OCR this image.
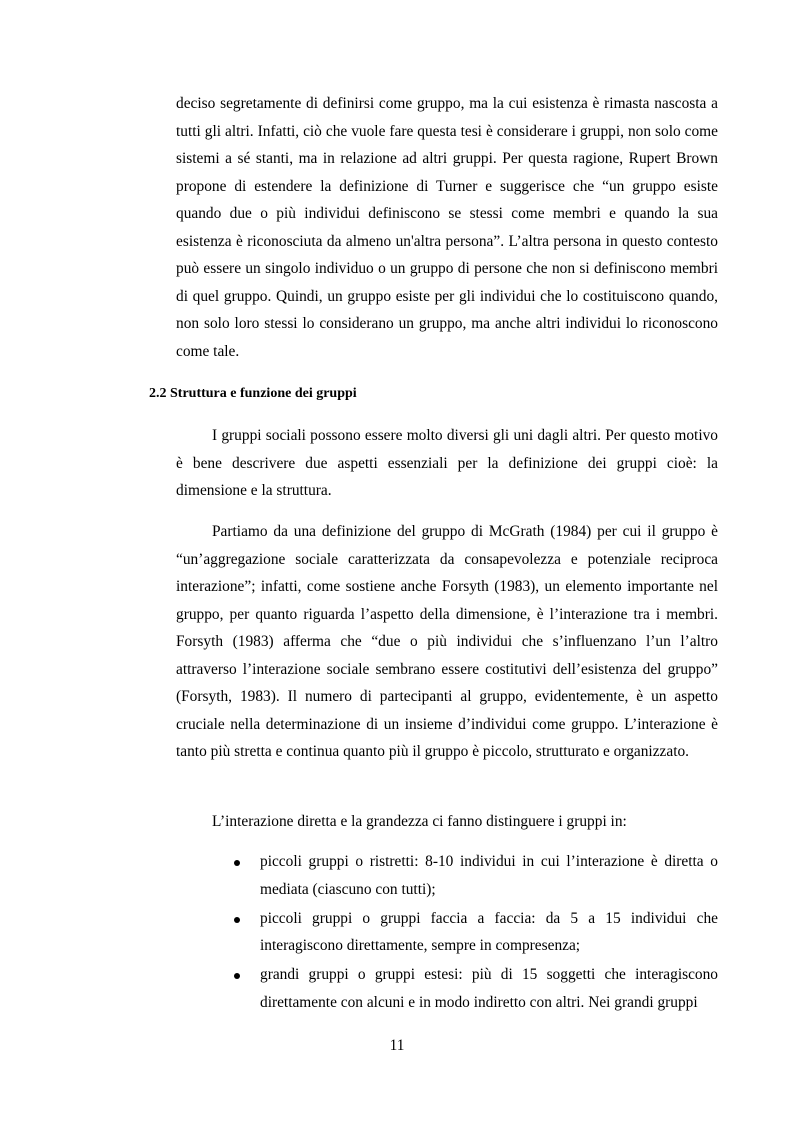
deciso segretamente di definirsi come gruppo, ma la cui esistenza è rimasta nascosta a tutti gli altri. Infatti, ciò che vuole fare questa tesi è considerare i gruppi, non solo come sistemi a sé stanti, ma in relazione ad altri gruppi. Per questa ragione, Rupert Brown propone di estendere la definizione di Turner e suggerisce che “un gruppo esiste quando due o più individui definiscono se stessi come membri e quando la sua esistenza è riconosciuta da almeno un'altra persona”. L’altra persona in questo contesto può essere un singolo individuo o un gruppo di persone che non si definiscono membri di quel gruppo. Quindi, un gruppo esiste per gli individui che lo costituiscono quando, non solo loro stessi lo considerano un gruppo, ma anche altri individui lo riconoscono come tale.

2.2 Struttura e funzione dei gruppi

I gruppi sociali possono essere molto diversi gli uni dagli altri. Per questo motivo è bene descrivere due aspetti essenziali per la definizione dei gruppi cioè: la dimensione e la struttura.

Partiamo da una definizione del gruppo di McGrath (1984) per cui il gruppo è “un’aggregazione sociale caratterizzata da consapevolezza e potenziale reciproca interazione”; infatti, come sostiene anche Forsyth (1983), un elemento importante nel gruppo, per quanto riguarda l’aspetto della dimensione, è l’interazione tra i membri. Forsyth (1983) afferma che “due o più individui che s’influenzano l’un l’altro attraverso l’interazione sociale sembrano essere costitutivi dell’esistenza del gruppo” (Forsyth, 1983). Il numero di partecipanti al gruppo, evidentemente, è un aspetto cruciale nella determinazione di un insieme d’individui come gruppo. L’interazione è tanto più stretta e continua quanto più il gruppo è piccolo, strutturato e organizzato.

L’interazione diretta e la grandezza ci fanno distinguere i gruppi in:

piccoli gruppi o ristretti: 8-10 individui in cui l’interazione è diretta o mediata (ciascuno con tutti);
piccoli gruppi o gruppi faccia a faccia: da 5 a 15 individui che interagiscono direttamente, sempre in compresenza;
grandi gruppi o gruppi estesi: più di 15 soggetti che interagiscono direttamente con alcuni e in modo indiretto con altri. Nei grandi gruppi

11
